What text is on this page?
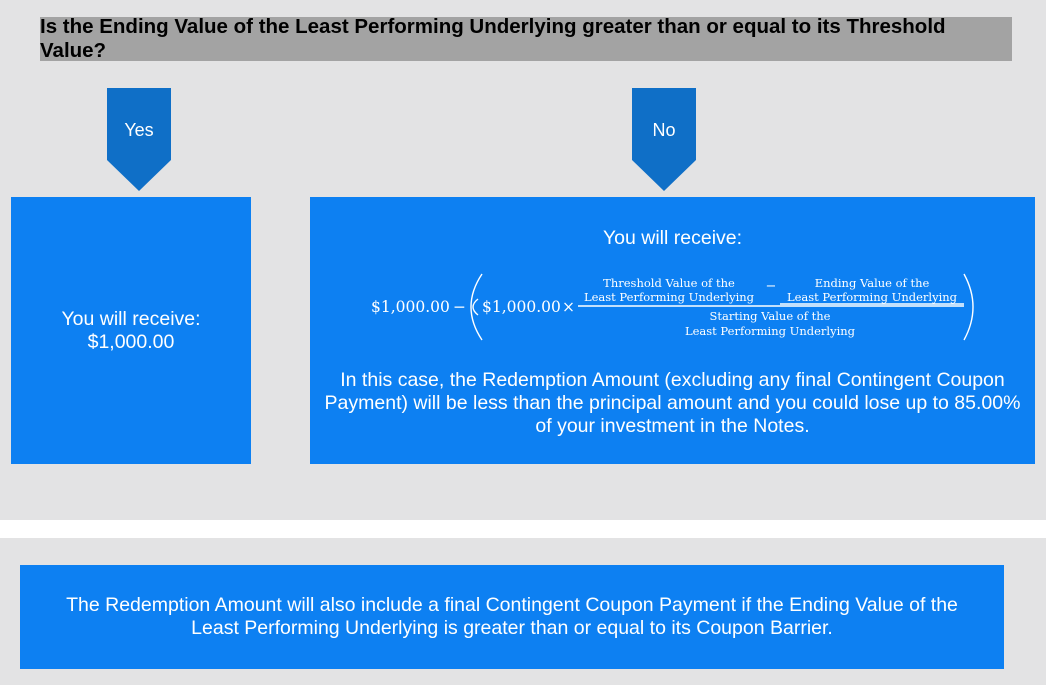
Is the Ending Value of the Least Performing Underlying greater than or equal to its Threshold Value?
Yes	No
You will receive:
$1,000.00
You will receive:
$1,000.00 − $1,000.00 ×
Threshold Value of the
Least Performing Underlying
−	Ending Value of the
Least Performing Underlying
Starting Value of the
Least Performing Underlying
In this case, the Redemption Amount (excluding any final Contingent Coupon Payment) will be less than the principal amount and you could lose up to 85.00% of your investment in the Notes.
The Redemption Amount will also include a final Contingent Coupon Payment if the Ending Value of the Least Performing Underlying is greater than or equal to its Coupon Barrier.
